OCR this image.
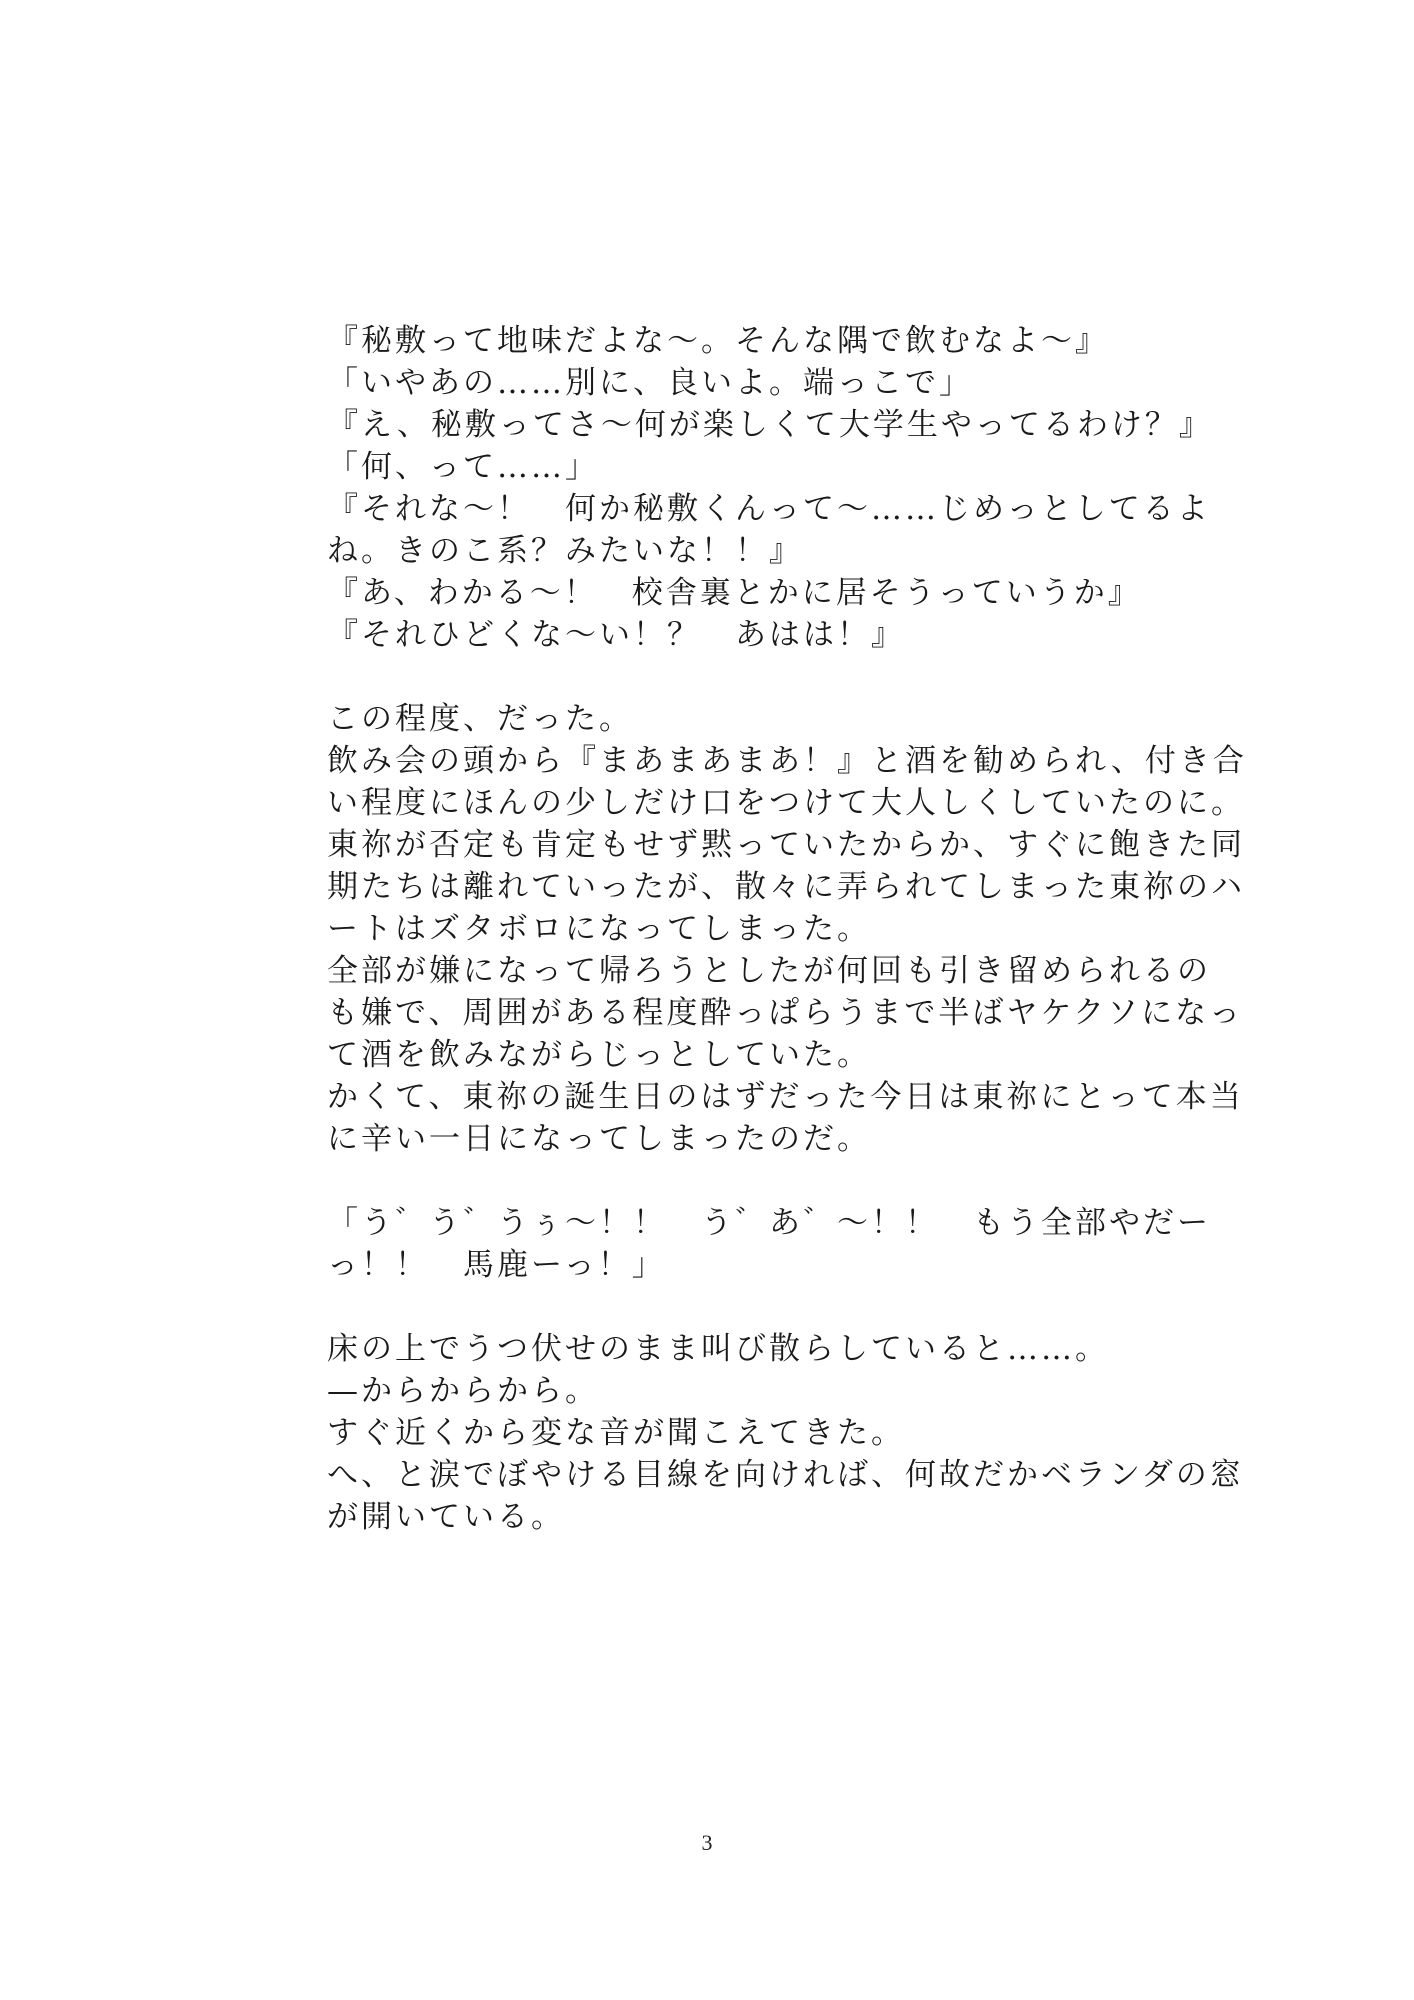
『秘敷って地味だよな～。そんな隅で飲むなよ～』
「いやあの……別に、良いよ。端っこで」
『え、秘敷ってさ～何が楽しくて大学生やってるわけ？』
「何、って……」
『それな～！　何か秘敷くんって～……じめっとしてるよ
ね。きのこ系？みたいな！！』
『あ、わかる～！　校舎裏とかに居そうっていうか』
『それひどくな～い！？　あはは！』
この程度、だった。
飲み会の頭から『まあまあまあ！』と酒を勧められ、付き合
い程度にほんの少しだけ口をつけて大人しくしていたのに。
東祢が否定も肯定もせず黙っていたからか、すぐに飽きた同
期たちは離れていったが、散々に弄られてしまった東祢のハ
ートはズタボロになってしまった。
全部が嫌になって帰ろうとしたが何回も引き留められるの
も嫌で、周囲がある程度酔っぱらうまで半ばヤケクソになっ
て酒を飲みながらじっとしていた。
かくて、東祢の誕生日のはずだった今日は東祢にとって本当
に辛い一日になってしまったのだ。
「う゛う゛うぅ～！！　う゛あ゛～！！　もう全部やだー
っ！！　馬鹿ーっ！」
床の上でうつ伏せのまま叫び散らしていると……。
—からからから。
すぐ近くから変な音が聞こえてきた。
へ、と涙でぼやける目線を向ければ、何故だかベランダの窓
が開いている。
3
